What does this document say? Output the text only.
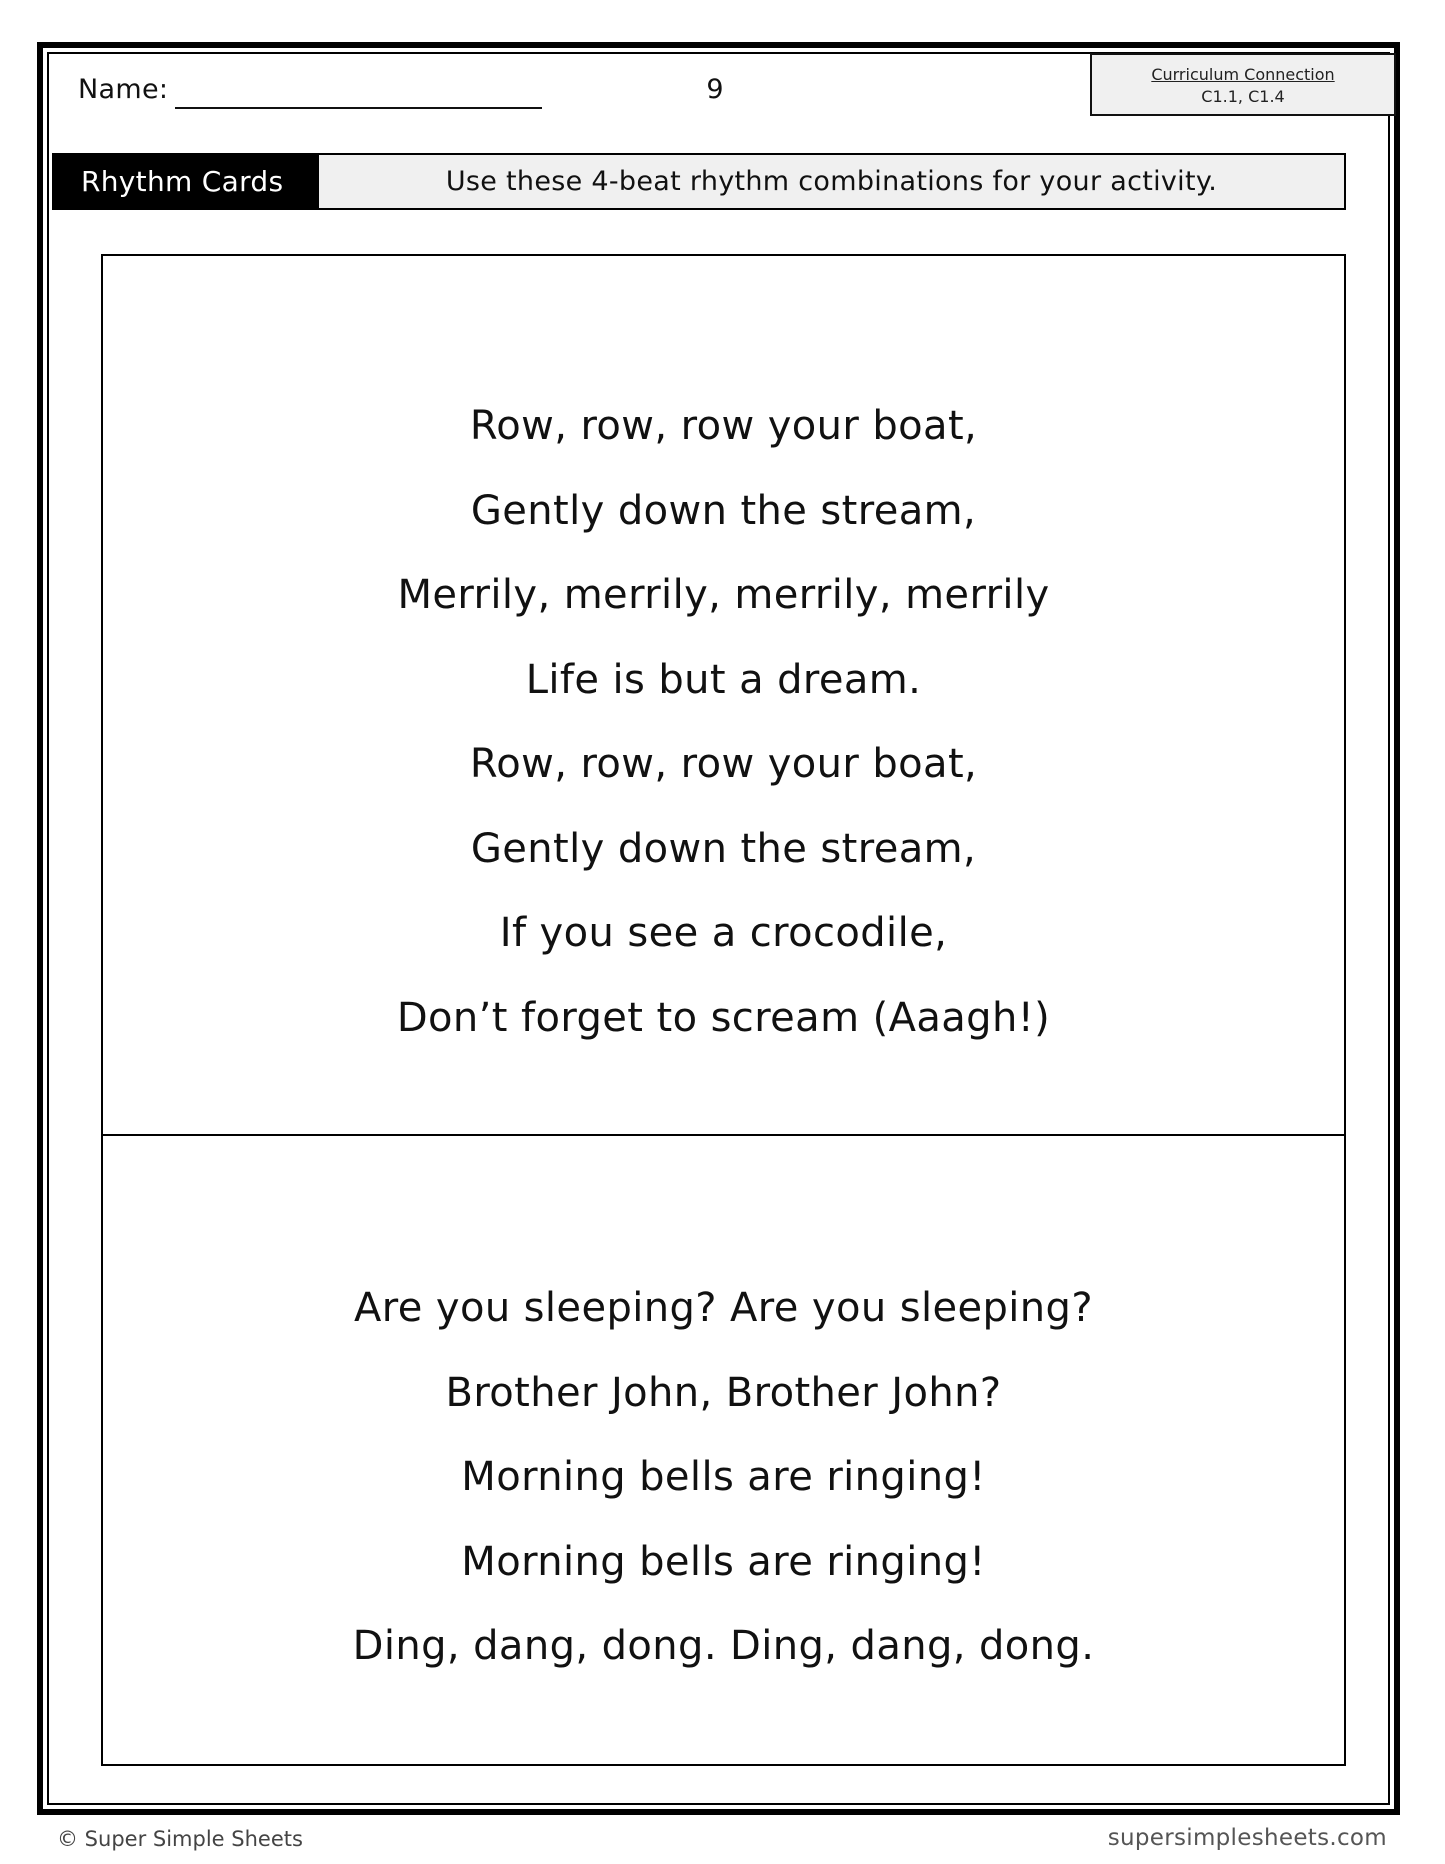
Name:	9	Curriculum Connection
C1.1, C1.4
Rhythm Cards	Use these 4-beat rhythm combinations for your activity.
Row, row, row your boat,
Gently down the stream,
Merrily, merrily, merrily, merrily
Life is but a dream.
Row, row, row your boat,
Gently down the stream,
If you see a crocodile,
Don’t forget to scream (Aaagh!)
Are you sleeping? Are you sleeping?
Brother John, Brother John?
Morning bells are ringing!
Morning bells are ringing!
Ding, dang, dong. Ding, dang, dong.
© Super Simple Sheets	supersimplesheets.com
